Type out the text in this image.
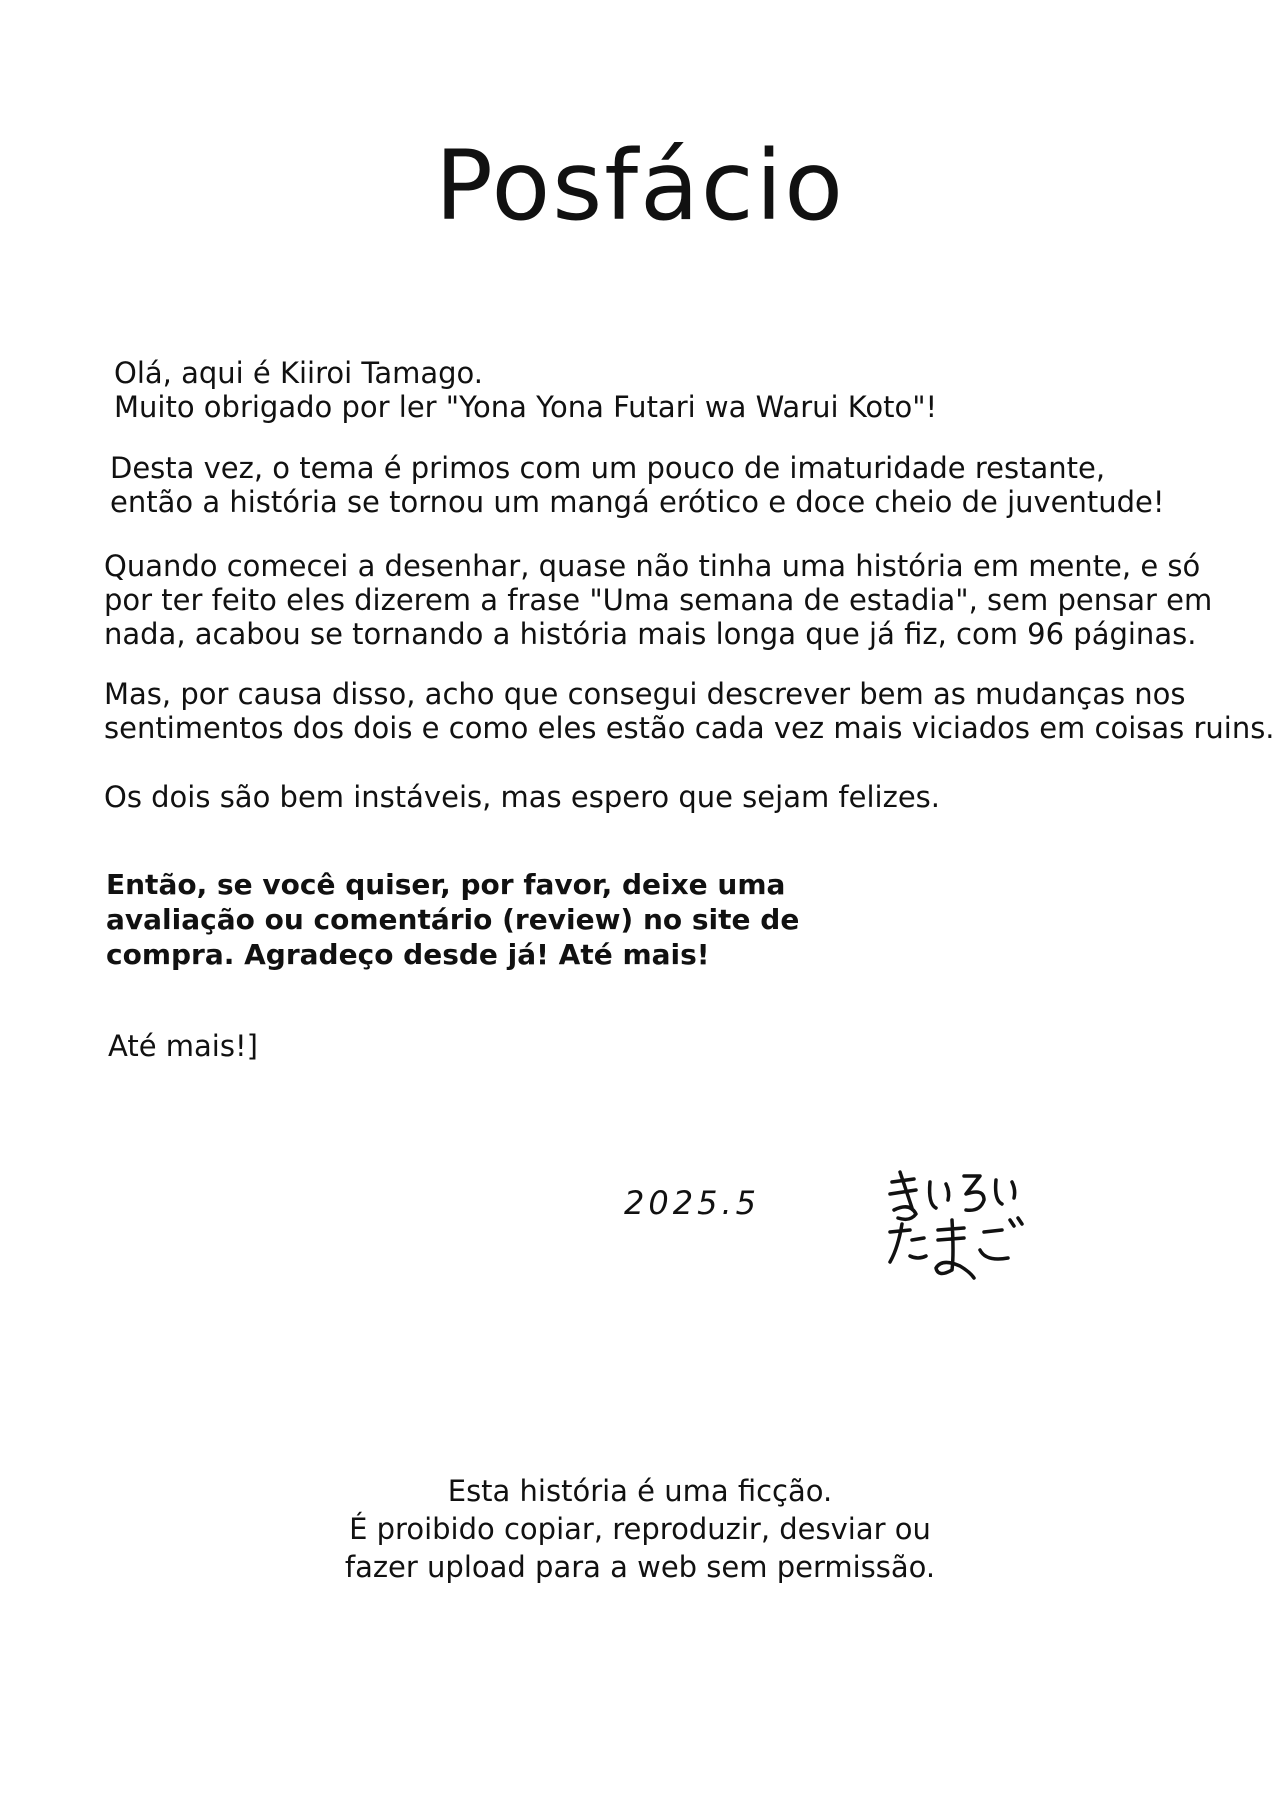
Posfácio

Olá, aqui é Kiiroi Tamago.
Muito obrigado por ler "Yona Yona Futari wa Warui Koto"!

Desta vez, o tema é primos com um pouco de imaturidade restante,
então a história se tornou um mangá erótico e doce cheio de juventude!

Quando comecei a desenhar, quase não tinha uma história em mente, e só
por ter feito eles dizerem a frase "Uma semana de estadia", sem pensar em
nada, acabou se tornando a história mais longa que já fiz, com 96 páginas.

Mas, por causa disso, acho que consegui descrever bem as mudanças nos
sentimentos dos dois e como eles estão cada vez mais viciados em coisas ruins.

Os dois são bem instáveis, mas espero que sejam felizes.

Então, se você quiser, por favor, deixe uma
avaliação ou comentário (review) no site de
compra. Agradeço desde já! Até mais!

Até mais!]

2025.5

Esta história é uma ficção.
É proibido copiar, reproduzir, desviar ou
fazer upload para a web sem permissão.
